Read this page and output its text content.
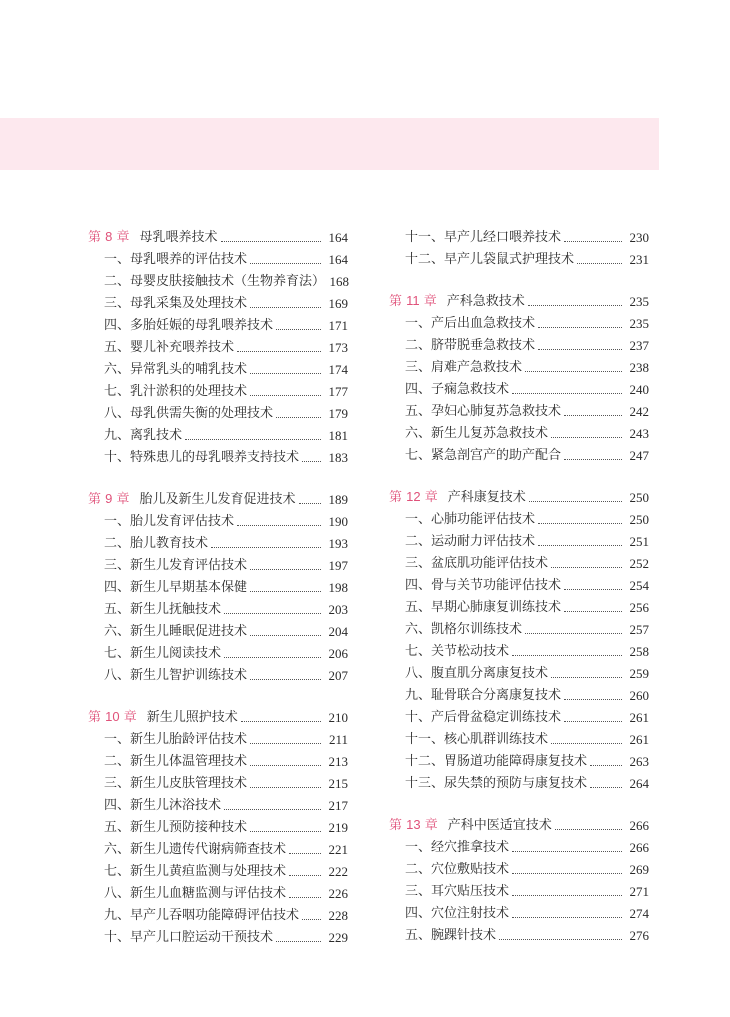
第 8 章 母乳喂养技术	164
一、母乳喂养的评估技术	164
二、母婴皮肤接触技术（生物养育法） 168
三、母乳采集及处理技术	169
四、多胎妊娠的母乳喂养技术	171
五、婴儿补充喂养技术	173
六、异常乳头的哺乳技术	174
七、乳汁淤积的处理技术	177
八、母乳供需失衡的处理技术	179
九、离乳技术	181
十、特殊患儿的母乳喂养支持技术	183
第 9 章 胎儿及新生儿发育促进技术	189
一、胎儿发育评估技术	190
二、胎儿教育技术	193
三、新生儿发育评估技术	197
四、新生儿早期基本保健	198
五、新生儿抚触技术	203
六、新生儿睡眠促进技术	204
七、新生儿阅读技术	206
八、新生儿智护训练技术	207
第 10 章 新生儿照护技术	210
一、新生儿胎龄评估技术	211
二、新生儿体温管理技术	213
三、新生儿皮肤管理技术	215
四、新生儿沐浴技术	217
五、新生儿预防接种技术	219
六、新生儿遗传代谢病筛查技术	221
七、新生儿黄疸监测与处理技术	222
八、新生儿血糖监测与评估技术	226
九、早产儿吞咽功能障碍评估技术	228
十、早产儿口腔运动干预技术	229
十一、早产儿经口喂养技术	230
十二、早产儿袋鼠式护理技术	231
第 11 章 产科急救技术	235
一、产后出血急救技术	235
二、脐带脱垂急救技术	237
三、肩难产急救技术	238
四、子痫急救技术	240
五、孕妇心肺复苏急救技术	242
六、新生儿复苏急救技术	243
七、紧急剖宫产的助产配合	247
第 12 章 产科康复技术	250
一、心肺功能评估技术	250
二、运动耐力评估技术	251
三、盆底肌功能评估技术	252
四、骨与关节功能评估技术	254
五、早期心肺康复训练技术	256
六、凯格尔训练技术	257
七、关节松动技术	258
八、腹直肌分离康复技术	259
九、耻骨联合分离康复技术	260
十、产后骨盆稳定训练技术	261
十一、核心肌群训练技术	261
十二、胃肠道功能障碍康复技术	263
十三、尿失禁的预防与康复技术	264
第 13 章 产科中医适宜技术	266
一、经穴推拿技术	266
二、穴位敷贴技术	269
三、耳穴贴压技术	271
四、穴位注射技术	274
五、腕踝针技术	276
